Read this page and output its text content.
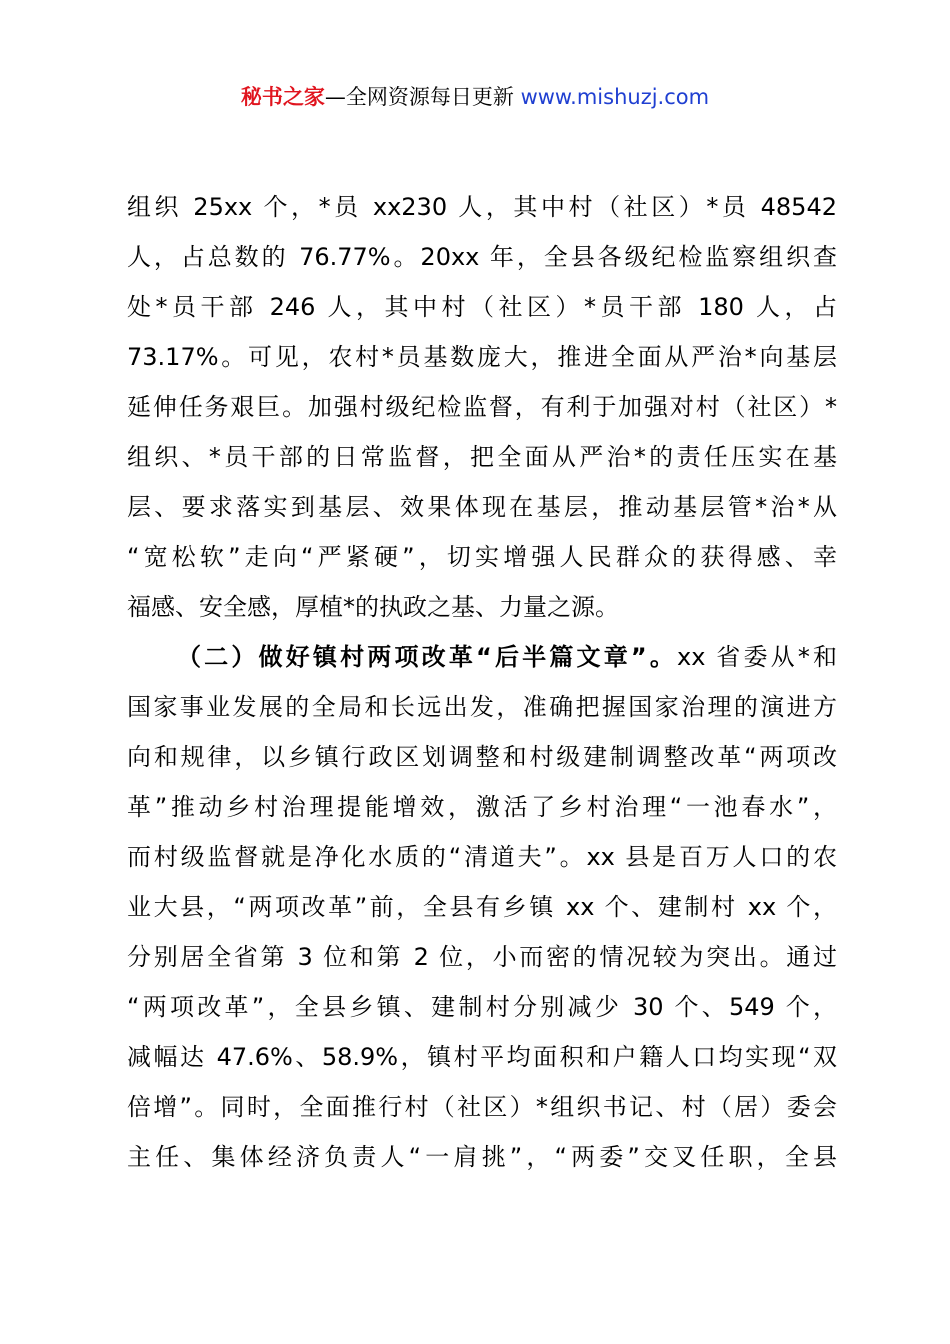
秘书之家—全网资源每日更新 www.mishuzj.com
组织 25xx 个，*员 xx230 人，其中村（社区）*员 48542
人，占总数的 76.77%。20xx 年，全县各级纪检监察组织查
处*员干部 246 人，其中村（社区）*员干部 180 人，占
73.17%。可见，农村*员基数庞大，推进全面从严治*向基层
延伸任务艰巨。加强村级纪检监督，有利于加强对村（社区）*
组织、*员干部的日常监督，把全面从严治*的责任压实在基
层、要求落实到基层、效果体现在基层，推动基层管*治*从
“宽松软”走向“严紧硬”，切实增强人民群众的获得感、幸
福感、安全感，厚植*的执政之基、力量之源。
（二）做好镇村两项改革“后半篇文章”。xx 省委从*和
国家事业发展的全局和长远出发，准确把握国家治理的演进方
向和规律，以乡镇行政区划调整和村级建制调整改革“两项改
革”推动乡村治理提能增效，激活了乡村治理“一池春水”，
而村级监督就是净化水质的“清道夫”。xx 县是百万人口的农
业大县，“两项改革”前，全县有乡镇 xx 个、建制村 xx 个，
分别居全省第 3 位和第 2 位，小而密的情况较为突出。通过
“两项改革”，全县乡镇、建制村分别减少 30 个、549 个，
减幅达 47.6%、58.9%，镇村平均面积和户籍人口均实现“双
倍增”。同时，全面推行村（社区）*组织书记、村（居）委会
主任、集体经济负责人“一肩挑”，“两委”交叉任职，全县
